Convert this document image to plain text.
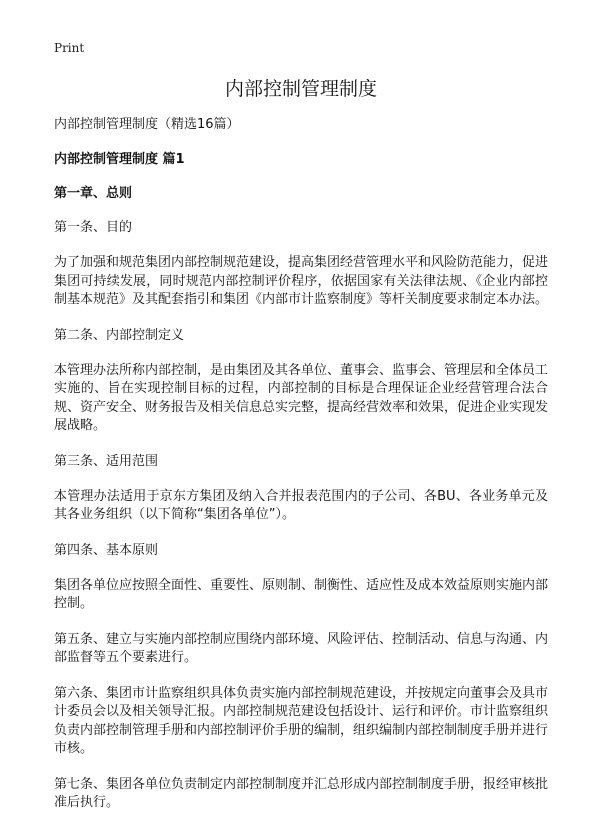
Print
内部控制管理制度
内部控制管理制度（精选16篇）
内部控制管理制度 篇1
第一章、总则
第一条、目的
为了加强和规范集团内部控制规范建设，提高集团经营管理水平和风险防范能力，促进集团可持续发展，同时规范内部控制评价程序，依据国家有关法律法规、《企业内部控制基本规范》及其配套指引和集团《内部市计监察制度》等杆关制度要求制定本办法。
第二条、内部控制定义
本管理办法所称内部控制，是由集团及其各单位、董事会、监事会、管理层和全体员工实施的、旨在实现控制目标的过程，内部控制的目标是合理保证企业经营管理合法合规、资产安全、财务报告及相关信息总实完整，提高经营效率和效果，促进企业实现发展战略。
第三条、适用范围
本管理办法适用于京东方集团及纳入合并报表范围内的子公司、各BU、各业务单元及其各业务组织（以下简称“集团各单位”）。
第四条、基本原则
集团各单位应按照全面性、重要性、原则制、制衡性、适应性及成本效益原则实施内部控制。
第五条、建立与实施内部控制应围绕内部环境、风险评估、控制活动、信息与沟通、内部监督等五个要素进行。
第六条、集团市计监察组织具体负责实施内部控制规范建设，并按规定向董事会及具市计委员会以及相关领导汇报。内部控制规范建设包括设计、运行和评价。市计监察组织负责内部控制管理手册和内部控制评价手册的编制，组织编制内部控制制度手册并进行市核。
第七条、集团各单位负责制定内部控制制度并汇总形成内部控制制度手册，报经审核批准后执行。
